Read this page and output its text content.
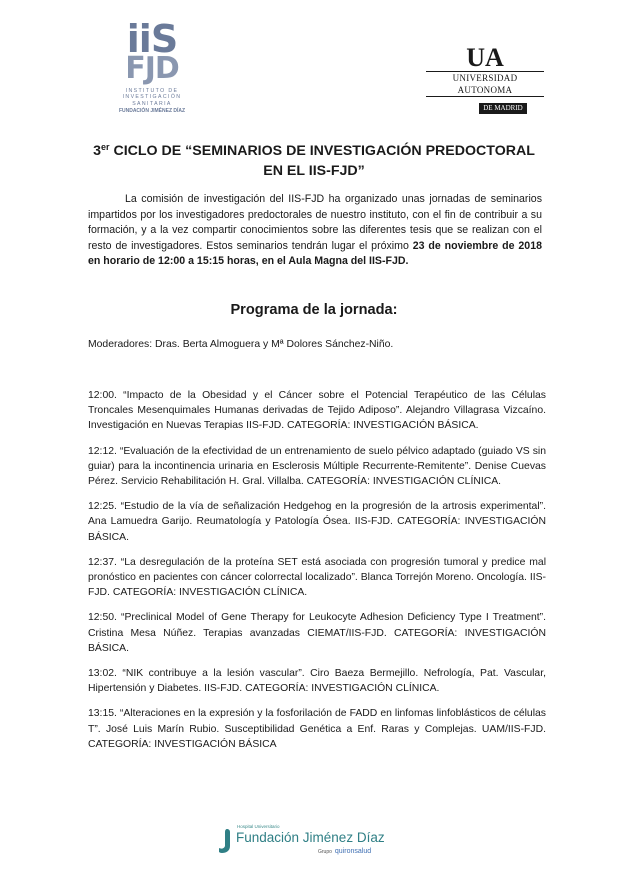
iiS
FJD
INSTITUTO DE
INVESTIGACIÓN
SANITARIA
FUNDACIÓN JIMÉNEZ DÍAZ
UA
UNIVERSIDAD AUTONOMA
DE MADRID
3er CICLO DE “SEMINARIOS DE INVESTIGACIÓN PREDOCTORAL
EN EL IIS-FJD”
La comisión de investigación del IIS-FJD ha organizado unas jornadas de seminarios impartidos por los investigadores predoctorales de nuestro instituto, con el fin de contribuir a su formación, y a la vez compartir conocimientos sobre las diferentes tesis que se realizan con el resto de investigadores. Estos seminarios tendrán lugar el próximo 23 de noviembre de 2018 en horario de 12:00 a 15:15 horas, en el Aula Magna del IIS-FJD.
Programa de la jornada:
Moderadores: Dras. Berta Almoguera y Mª Dolores Sánchez-Niño.
12:00. “Impacto de la Obesidad y el Cáncer sobre el Potencial Terapéutico de las Células Troncales Mesenquimales Humanas derivadas de Tejido Adiposo”. Alejandro Villagrasa Vizcaíno. Investigación en Nuevas Terapias IIS-FJD. CATEGORÍA: INVESTIGACIÓN BÁSICA.
12:12. “Evaluación de la efectividad de un entrenamiento de suelo pélvico adaptado (guiado VS sin guiar) para la incontinencia urinaria en Esclerosis Múltiple Recurrente-Remitente”. Denise Cuevas Pérez. Servicio Rehabilitación H. Gral. Villalba. CATEGORÍA: INVESTIGACIÓN CLÍNICA.
12:25. “Estudio de la vía de señalización Hedgehog en la progresión de la artrosis experimental”. Ana Lamuedra Garijo. Reumatología y Patología Ósea. IIS-FJD. CATEGORÍA: INVESTIGACIÓN BÁSICA.
12:37. “La desregulación de la proteína SET está asociada con progresión tumoral y predice mal pronóstico en pacientes con cáncer colorrectal localizado”. Blanca Torrejón Moreno. Oncología. IIS-FJD. CATEGORÍA: INVESTIGACIÓN CLÍNICA.
12:50. “Preclinical Model of Gene Therapy for Leukocyte Adhesion Deficiency Type I Treatment”. Cristina Mesa Núñez. Terapias avanzadas CIEMAT/IIS-FJD. CATEGORÍA: INVESTIGACIÓN BÁSICA.
13:02. “NIK contribuye a la lesión vascular”. Ciro Baeza Bermejillo. Nefrología, Pat. Vascular, Hipertensión y Diabetes. IIS-FJD. CATEGORÍA: INVESTIGACIÓN CLÍNICA.
13:15. “Alteraciones en la expresión y la fosforilación de FADD en linfomas linfoblásticos de células T”. José Luis Marín Rubio. Susceptibilidad Genética a Enf. Raras y Complejas. UAM/IIS-FJD. CATEGORÍA: INVESTIGACIÓN BÁSICA
Hospital Universitario
Fundación Jiménez Díaz
Grupo quironsalud
